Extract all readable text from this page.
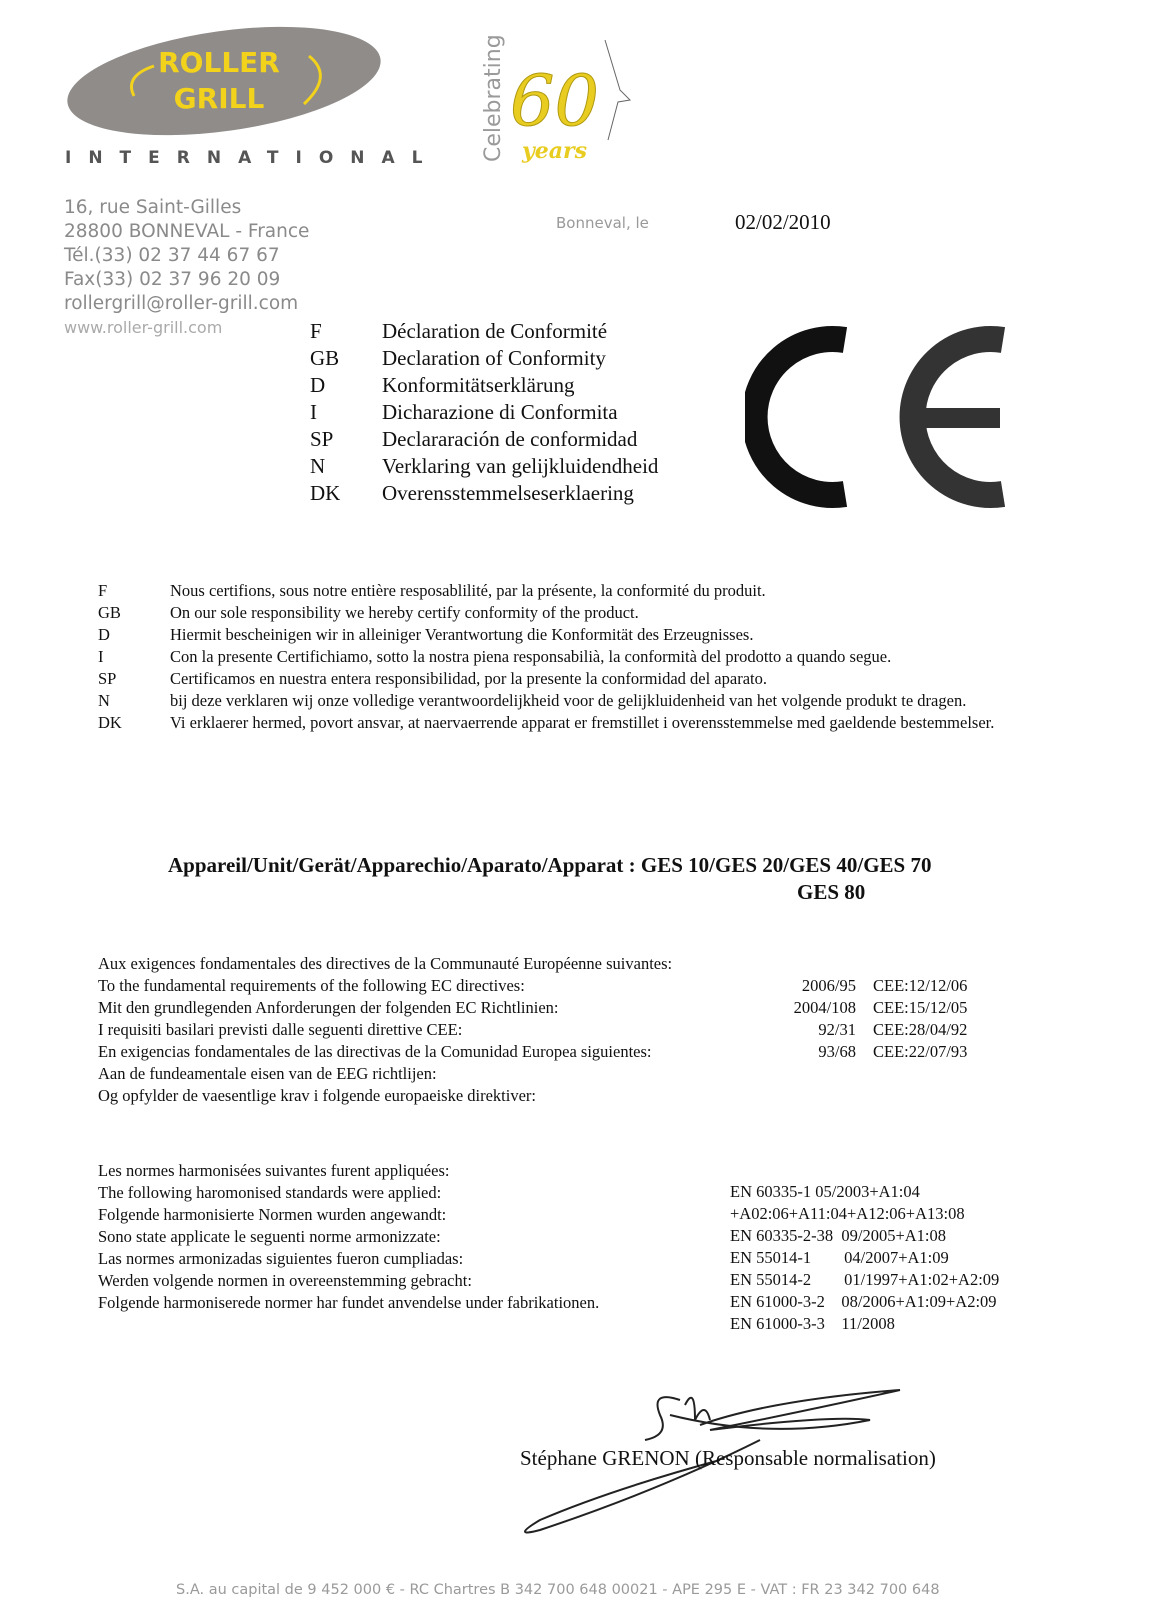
ROLLER
GRILL
INTERNATIONAL Celebrating 60
years
16, rue Saint-Gilles
28800 BONNEVAL - France
Tél.(33) 02 37 44 67 67
Fax(33) 02 37 96 20 09
rollergrill@roller-grill.com
www.roller-grill.com
Bonneval, le	02/02/2010
F	Déclaration de Conformité
GB	Declaration of Conformity
D	Konformitätserklärung
I	Dicharazione di Conformita
SP	Declararación de conformidad
N	Verklaring van gelijkluidendheid
DK	Overensstemmelseserklaering
F	Nous certifions, sous notre entière resposablilité, par la présente, la conformité du produit.
GB	On our sole responsibility we hereby certify conformity of the product.
D	Hiermit bescheinigen wir in alleiniger Verantwortung die Konformität des Erzeugnisses.
I	Con la presente Certifichiamo, sotto la nostra piena responsabilià, la conformità del prodotto a quando segue.
SP	Certificamos en nuestra entera responsibilidad, por la presente la conformidad del aparato.
N	bij deze verklaren wij onze volledige verantwoordelijkheid voor de gelijkluidenheid van het volgende produkt te dragen.
DK	Vi erklaerer hermed, povort ansvar, at naervaerrende apparat er fremstillet i overensstemmelse med gaeldende bestemmelser.
Appareil/Unit/Gerät/Apparechio/Aparato/Apparat : GES 10/GES 20/GES 40/GES 70
GES 80
Aux exigences fondamentales des directives de la Communauté Européenne suivantes:
To the fundamental requirements of the following EC directives:	2006/95 CEE:12/12/06
Mit den grundlegenden Anforderungen der folgenden EC Richtlinien:	2004/108 CEE:15/12/05
I requisiti basilari previsti dalle seguenti direttive CEE:	92/31 CEE:28/04/92
En exigencias fondamentales de las directivas de la Comunidad Europea siguientes:	93/68 CEE:22/07/93
Aan de fundeamentale eisen van de EEG richtlijen:
Og opfylder de vaesentlige krav i folgende europaeiske direktiver:
Les normes harmonisées suivantes furent appliquées:
The following haromonised standards were applied:
Folgende harmonisierte Normen wurden angewandt:
Sono state applicate le seguenti norme armonizzate:
Las normes armonizadas siguientes fueron cumpliadas:
Werden volgende normen in overeenstemming gebracht:
Folgende harmoniserede normer har fundet anvendelse under fabrikationen.
EN 60335-1 05/2003+A1:04
+A02:06+A11:04+A12:06+A13:08
EN 60335-2-38  09/2005+A1:08
EN 55014-1        04/2007+A1:09
EN 55014-2        01/1997+A1:02+A2:09
EN 61000-3-2    08/2006+A1:09+A2:09
EN 61000-3-3    11/2008
Stéphane GRENON (Responsable normalisation)
S.A. au capital de 9 452 000 € - RC Chartres B 342 700 648 00021 - APE 295 E - VAT : FR 23 342 700 648
